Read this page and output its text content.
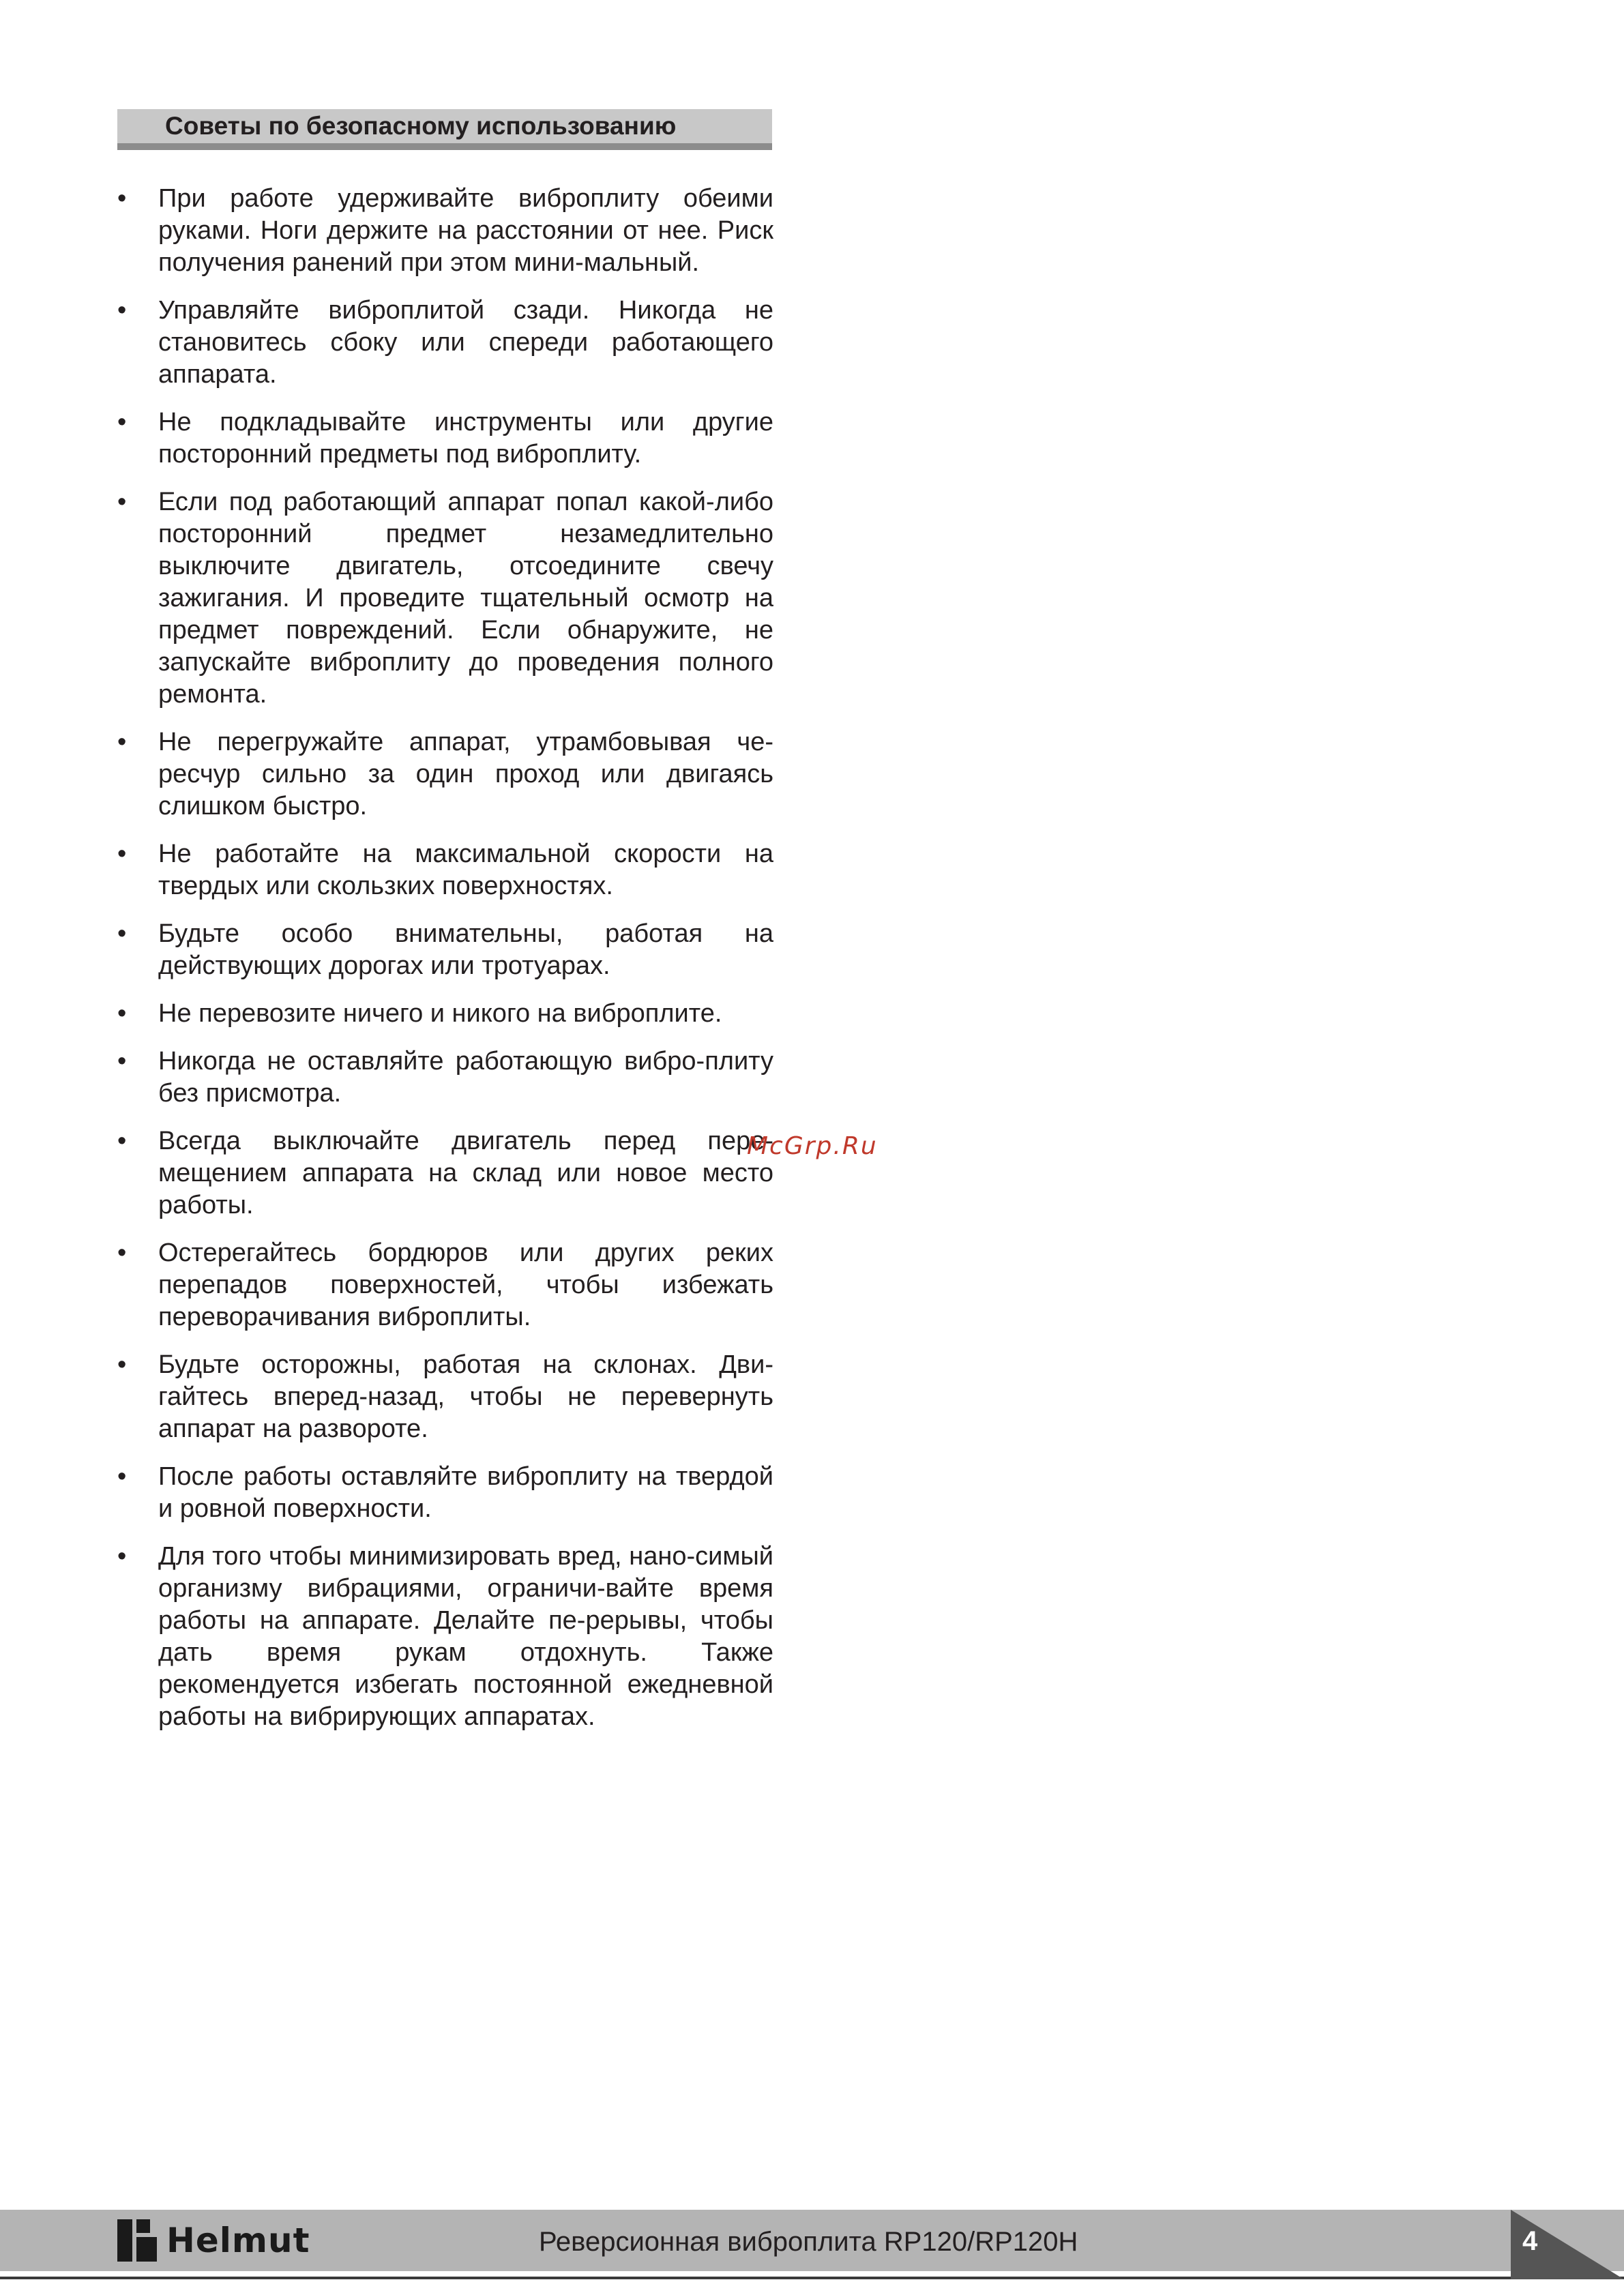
Советы по безопасному использованию
•	При работе удерживайте виброплиту обеими руками. Ноги держите на расстоянии от нее. Риск получения ранений при этом мини-мальный.
•	Управляйте виброплитой сзади. Никогда не становитесь сбоку или спереди работающего аппарата.
•	Не подкладывайте инструменты или другие посторонний предметы под виброплиту.
•	Если под работающий аппарат попал какой-либо посторонний предмет незамедлительно выключите двигатель, отсоедините свечу зажигания. И проведите тщательный осмотр на предмет повреждений. Если обнаружите, не запускайте виброплиту до проведения полного ремонта.
•	Не перегружайте аппарат, утрамбовывая че-ресчур сильно за один проход или двигаясь слишком быстро.
•	Не работайте на максимальной скорости на твердых или скользких поверхностях.
•	Будьте особо внимательны, работая на действующих дорогах или тротуарах.
•	Не перевозите ничего и никого на виброплите.
•	Никогда не оставляйте работающую вибро-плиту без присмотра.
•	Всегда выключайте двигатель перед пере-мещением аппарата на склад или новое место работы.
•	Остерегайтесь бордюров или других реких перепадов поверхностей, чтобы избежать переворачивания виброплиты.
•	Будьте осторожны, работая на склонах. Дви-гайтесь вперед-назад, чтобы не перевернуть аппарат на развороте.
•	После работы оставляйте виброплиту на твердой и ровной поверхности.
•	Для того чтобы минимизировать вред, нано-симый организму вибрациями, ограничи-вайте время работы на аппарате. Делайте пе-рерывы, чтобы дать время рукам отдохнуть. Также рекомендуется избегать постоянной ежедневной работы на вибрирующих аппаратах.
McGrp.Ru
4
Helmut	Реверсионная виброплита RP120/RP120H
